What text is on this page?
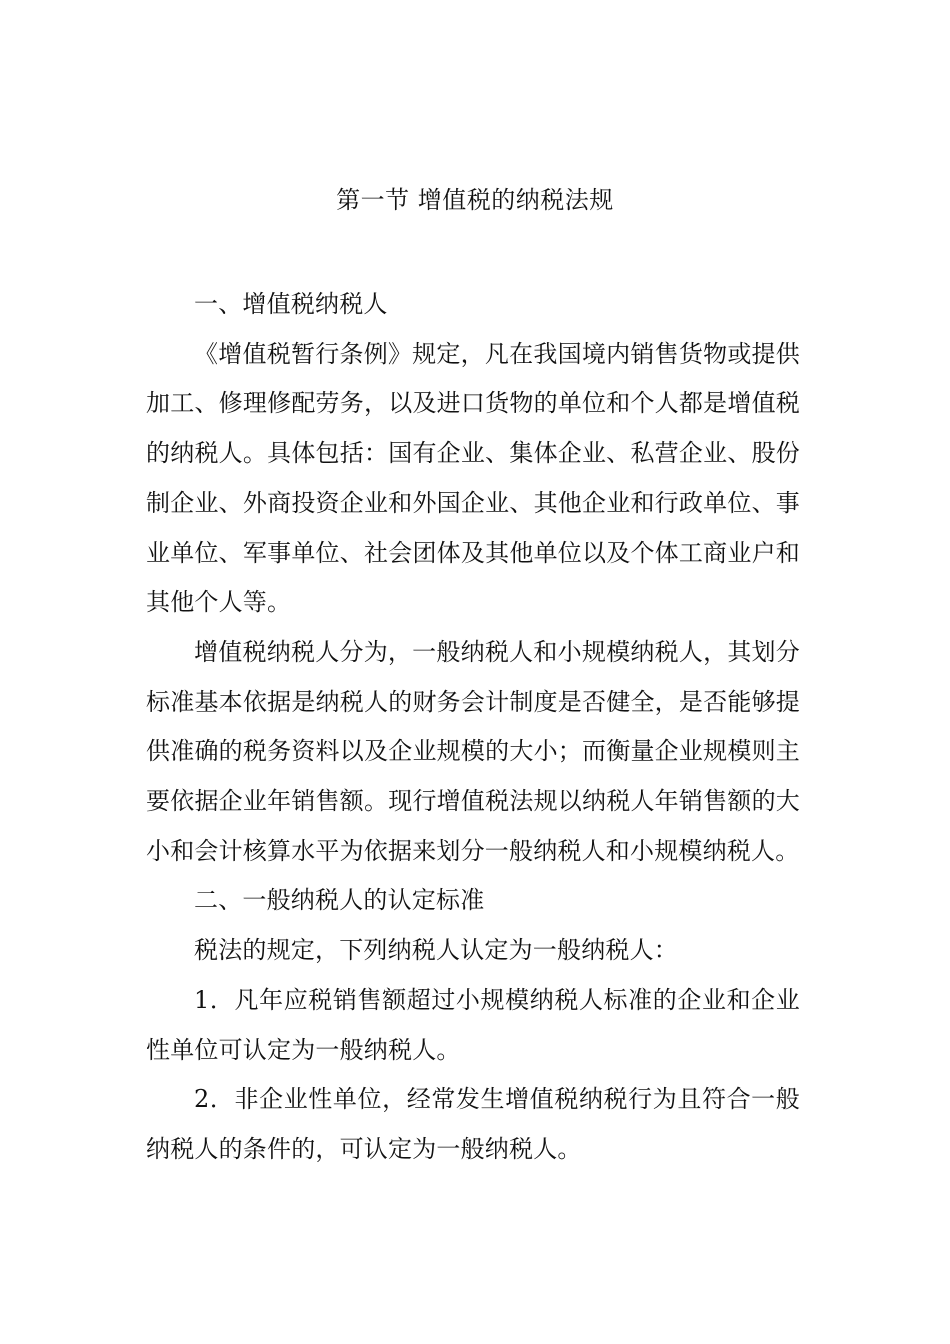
第一节 增值税的纳税法规

一、增值税纳税人

《增值税暂行条例》规定，凡在我国境内销售货物或提供加工、修理修配劳务，以及进口货物的单位和个人都是增值税的纳税人。具体包括：国有企业、集体企业、私营企业、股份制企业、外商投资企业和外国企业、其他企业和行政单位、事业单位、军事单位、社会团体及其他单位以及个体工商业户和其他个人等。

增值税纳税人分为，一般纳税人和小规模纳税人，其划分标准基本依据是纳税人的财务会计制度是否健全，是否能够提供准确的税务资料以及企业规模的大小；而衡量企业规模则主要依据企业年销售额。现行增值税法规以纳税人年销售额的大小和会计核算水平为依据来划分一般纳税人和小规模纳税人。

二、一般纳税人的认定标准

税法的规定，下列纳税人认定为一般纳税人：

1．凡年应税销售额超过小规模纳税人标准的企业和企业性单位可认定为一般纳税人。

2．非企业性单位，经常发生增值税纳税行为且符合一般纳税人的条件的，可认定为一般纳税人。
